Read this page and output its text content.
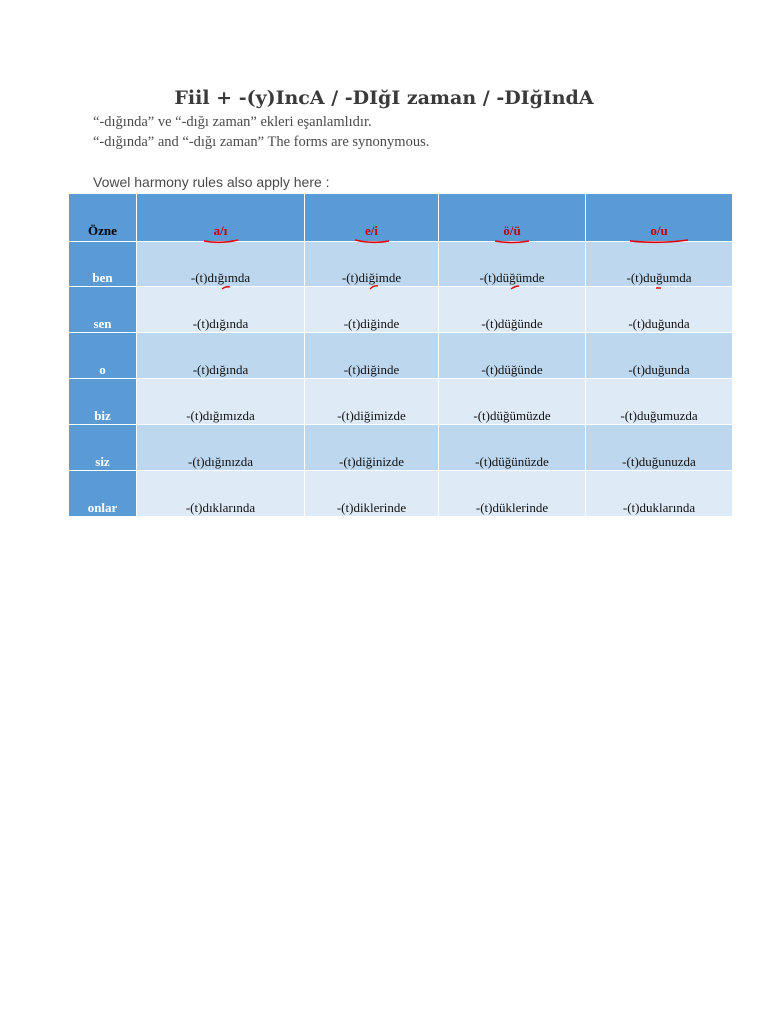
Fiil + -(y)IncA / -DIğI zaman / -DIğIndA
“-dığında” ve “-dığı zaman” ekleri eşanlamlıdır.
“-dığında” and “-dığı zaman” The forms are synonymous.
Vowel harmony rules also apply here :
Özne	a/ı	e/i	ö/ü	o/u

ben	-(t)dığımda	-(t)diğimde	-(t)düğümde	-(t)duğumda

sen	-(t)dığında	-(t)diğinde	-(t)düğünde	-(t)duğunda
o	-(t)dığında	-(t)diğinde	-(t)düğünde	-(t)duğunda
biz	-(t)dığımızda	-(t)diğimizde	-(t)düğümüzde	-(t)duğumuzda
siz	-(t)dığınızda	-(t)diğinizde	-(t)düğünüzde	-(t)duğunuzda
onlar	-(t)dıklarında	-(t)diklerinde	-(t)düklerinde	-(t)duklarında
